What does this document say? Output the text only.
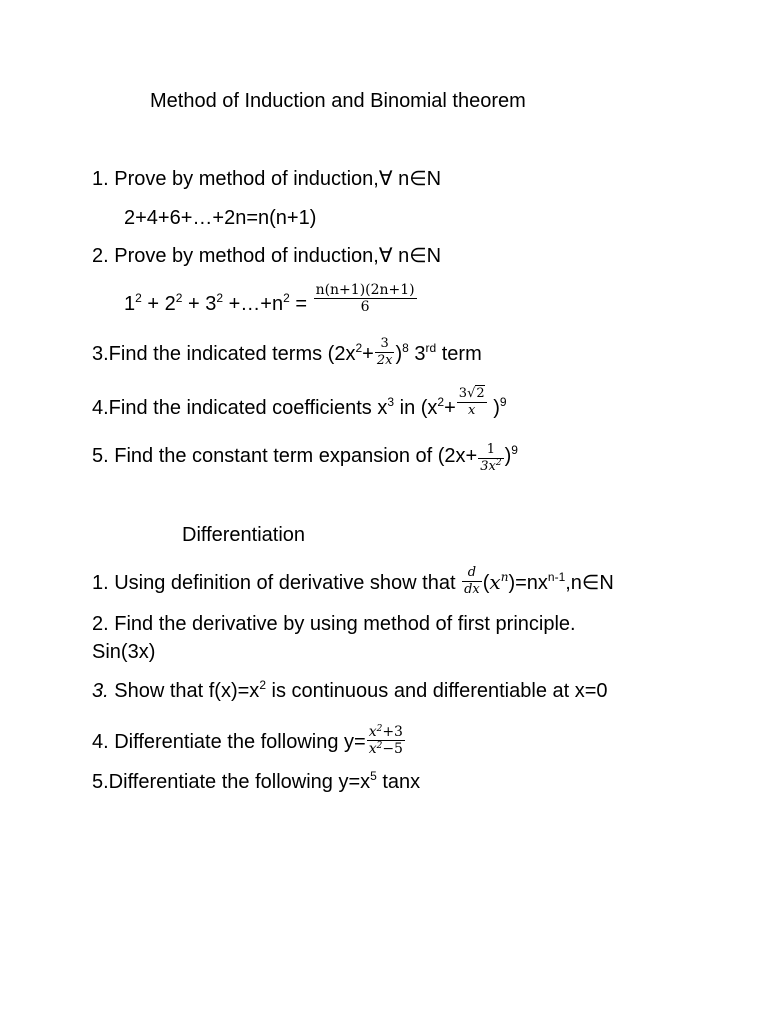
Method of Induction and Binomial theorem
1. Prove by method of induction,∀ n∈N
2+4+6+…+2n=n(n+1)
2. Prove by method of induction,∀ n∈N
$1^2 + 2^2 + 3^2$ $+\dots+n^2 = \frac{n(n+1)(2n+1)}{6}$
3.Find the indicated terms $(2x^2+ \frac{3}{2x} )^8$ 3rd term
4.Find the indicated coefficients $x^3$ in $(x^2+ \frac{3√2}{x} )^9$
5. Find the constant term expansion of $(2x+ \frac{1}{3x^2} )^9$
Differentiation
1. Using definition of derivative show that $\frac{d}{dx}$ $(x^n)=nx^{n-1},n\in N$
2. Find the derivative by using method of first principle.
Sin(3x)
3. Show that $f(x)=x^2$ is continuous and differentiable at x=0
4. Differentiate the following $y= \frac{x^2+3}{x^2-5}$
5.Differentiate the following $y=x^5$ tanx
